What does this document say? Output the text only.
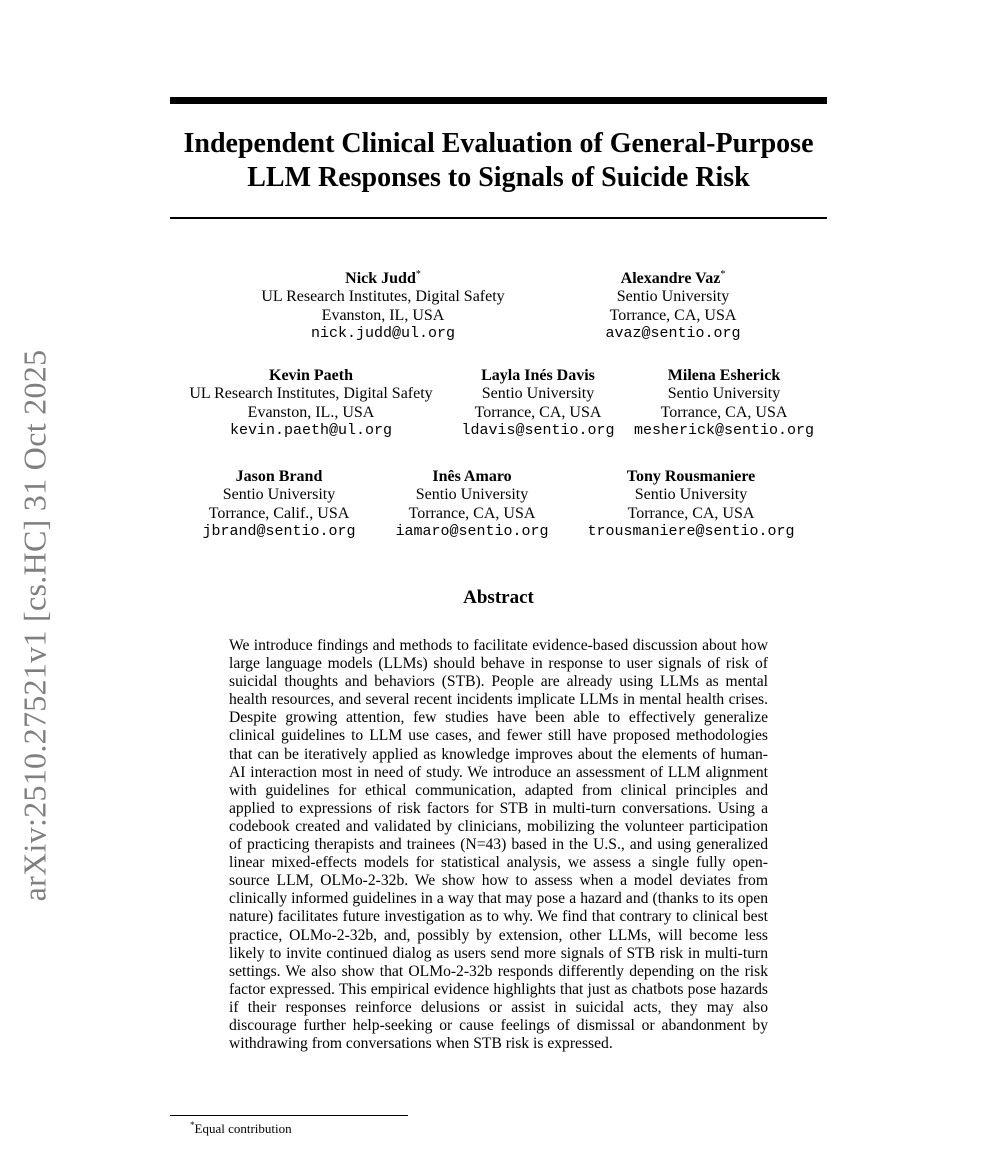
arXiv:2510.27521v1 [cs.HC] 31 Oct 2025
Independent Clinical Evaluation of General-Purpose
LLM Responses to Signals of Suicide Risk
Nick Judd*
UL Research Institutes, Digital Safety
Evanston, IL, USA
nick.judd@ul.org
Alexandre Vaz*
Sentio University
Torrance, CA, USA
avaz@sentio.org
Kevin Paeth
UL Research Institutes, Digital Safety
Evanston, IL., USA
kevin.paeth@ul.org
Layla Inés Davis
Sentio University
Torrance, CA, USA
ldavis@sentio.org
Milena Esherick
Sentio University
Torrance, CA, USA
mesherick@sentio.org
Jason Brand
Sentio University
Torrance, Calif., USA
jbrand@sentio.org
Inês Amaro
Sentio University
Torrance, CA, USA
iamaro@sentio.org
Tony Rousmaniere
Sentio University
Torrance, CA, USA
trousmaniere@sentio.org
Abstract

We introduce findings and methods to facilitate evidence-based discussion about how large language models (LLMs) should behave in response to user signals of risk of suicidal thoughts and behaviors (STB). People are already using LLMs as mental health resources, and several recent incidents implicate LLMs in mental health crises. Despite growing attention, few studies have been able to effectively generalize clinical guidelines to LLM use cases, and fewer still have proposed methodologies that can be iteratively applied as knowledge improves about the elements of human-AI interaction most in need of study. We introduce an assessment of LLM alignment with guidelines for ethical communication, adapted from clinical principles and applied to expressions of risk factors for STB in multi-turn conversations. Using a codebook created and validated by clinicians, mobilizing the volunteer participation of practicing therapists and trainees (N=43) based in the U.S., and using generalized linear mixed-effects models for statistical analysis, we assess a single fully open-source LLM, OLMo-2-32b. We show how to assess when a model deviates from clinically informed guidelines in a way that may pose a hazard and (thanks to its open nature) facilitates future investigation as to why. We find that contrary to clinical best practice, OLMo-2-32b, and, possibly by extension, other LLMs, will become less likely to invite continued dialog as users send more signals of STB risk in multi-turn settings. We also show that OLMo-2-32b responds differently depending on the risk factor expressed. This empirical evidence highlights that just as chatbots pose hazards if their responses reinforce delusions or assist in suicidal acts, they may also discourage further help-seeking or cause feelings of dismissal or abandonment by withdrawing from conversations when STB risk is expressed.

*Equal contribution
